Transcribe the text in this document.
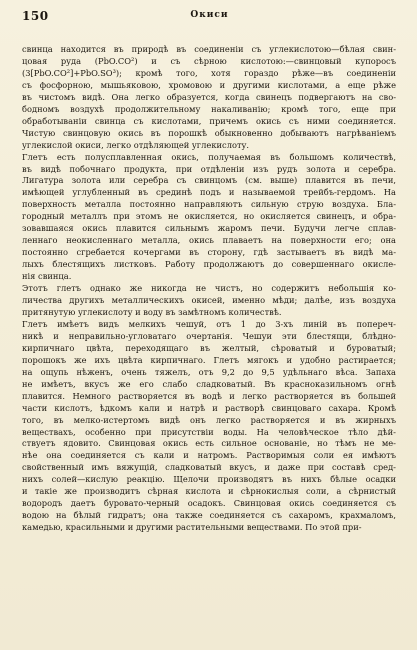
150	Окиси

свинца находится въ природѣ въ соединеніи съ углекислотою—бѣлая свин-

цовая руда (PbO.CO²) и съ сѣрною кислотою:—свинцовый купоросъ

(3[PbO.CO²]+PbO.SO³); кромѣ того, хотя гораздо рѣже—въ соединеніи

съ фосфорною, мышьяковою, хромовою и другими кислотами, а еще рѣже

въ чистомъ видѣ. Она легко образуется, когда свинецъ подвергаютъ на сво-

бодномъ воздухѣ продолжительному накаливанію; кромѣ того, еще при

обработываніи свинца съ кислотами, причемъ окись съ ними соединяется.

Чистую свинцовую окись въ порошкѣ обыкновенно добываютъ нагрѣваніемъ

углекислой окиси, легко отдѣляющей углекислоту.

Глетъ есть полусплавленная окись, получаемая въ большомъ количествѣ,

въ видѣ побочнаго продукта, при отдѣленіи изъ рудъ золота и серебра.

Лигатура золота или серебра съ свинцомъ (см. выше) плавится въ печи,

имѣющей углубленный въ срединѣ подъ и называемой трейбъ-гердомъ. На

поверхность металла постоянно направляютъ сильную струю воздуха. Бла-

городный металлъ при этомъ не окисляется, но окисляется свинецъ, и обра-

зовавшаяся окись плавится сильнымъ жаромъ печи. Будучи легче сплав-

леннаго неокисленнаго металла, окись плаваетъ на поверхности его; она

постоянно сгребается кочергами въ сторону, гдѣ застываетъ въ видѣ ма-

лыхъ блестящихъ листковъ. Работу продолжаютъ до совершеннаго окисле-

нія свинца.

Этотъ глетъ однако же никогда не чистъ, но содержитъ небольшія ко-

личества другихъ металлическихъ окисей, именно мѣди; далѣе, изъ воздуха

притянутую углекислоту и воду въ замѣтномъ количествѣ.

Глетъ имѣетъ видъ мелкихъ чешуй, отъ 1 до 3-хъ линій въ попереч-

никѣ и неправильно-угловатаго очертанія. Чешуи эти блестящи, блѣдно-

кирпичнаго цвѣта, переходящаго въ желтый, сѣроватый и буроватый;

порошокъ же ихъ цвѣта кирпичнаго. Глетъ мягокъ и удобно растирается;

на ощупь нѣженъ, очень тяжелъ, отъ 9,2 до 9,5 удѣльнаго вѣса. Запаха

не имѣетъ, вкусъ же его слабо сладковатый. Въ красноказильномъ огнѣ

плавится. Немного растворяется въ водѣ и легко растворяется въ большей

части кислотъ, ѣдкомъ кали и натрѣ и растворѣ свинцоваго сахара. Кромѣ

того, въ мелко-истертомъ видѣ онъ легко растворяется и въ жирныхъ

веществахъ, особенно при присутствіи воды. На человѣческое тѣло дѣй-

ствуетъ ядовито. Свинцовая окись есть сильное основаніе, но тѣмъ не ме-

нѣе она соединяется съ кали и натромъ. Растворимыя соли ея имѣютъ

свойственный имъ вяжущій, сладковатый вкусъ, и даже при составѣ сред-

нихъ солей—кислую реакцію. Щелочи производятъ въ нихъ бѣлые осадки

и такіе же производитъ сѣрная кислота и сѣрнокислыя соли, а сѣрнистый

водородъ даетъ буровато-черный осадокъ. Свинцовая окись соединяется съ

водою на бѣлый гидратъ; она также соединяется съ сахаромъ, крахмаломъ,

камедью, красильными и другими растительными веществами. По этой при-
